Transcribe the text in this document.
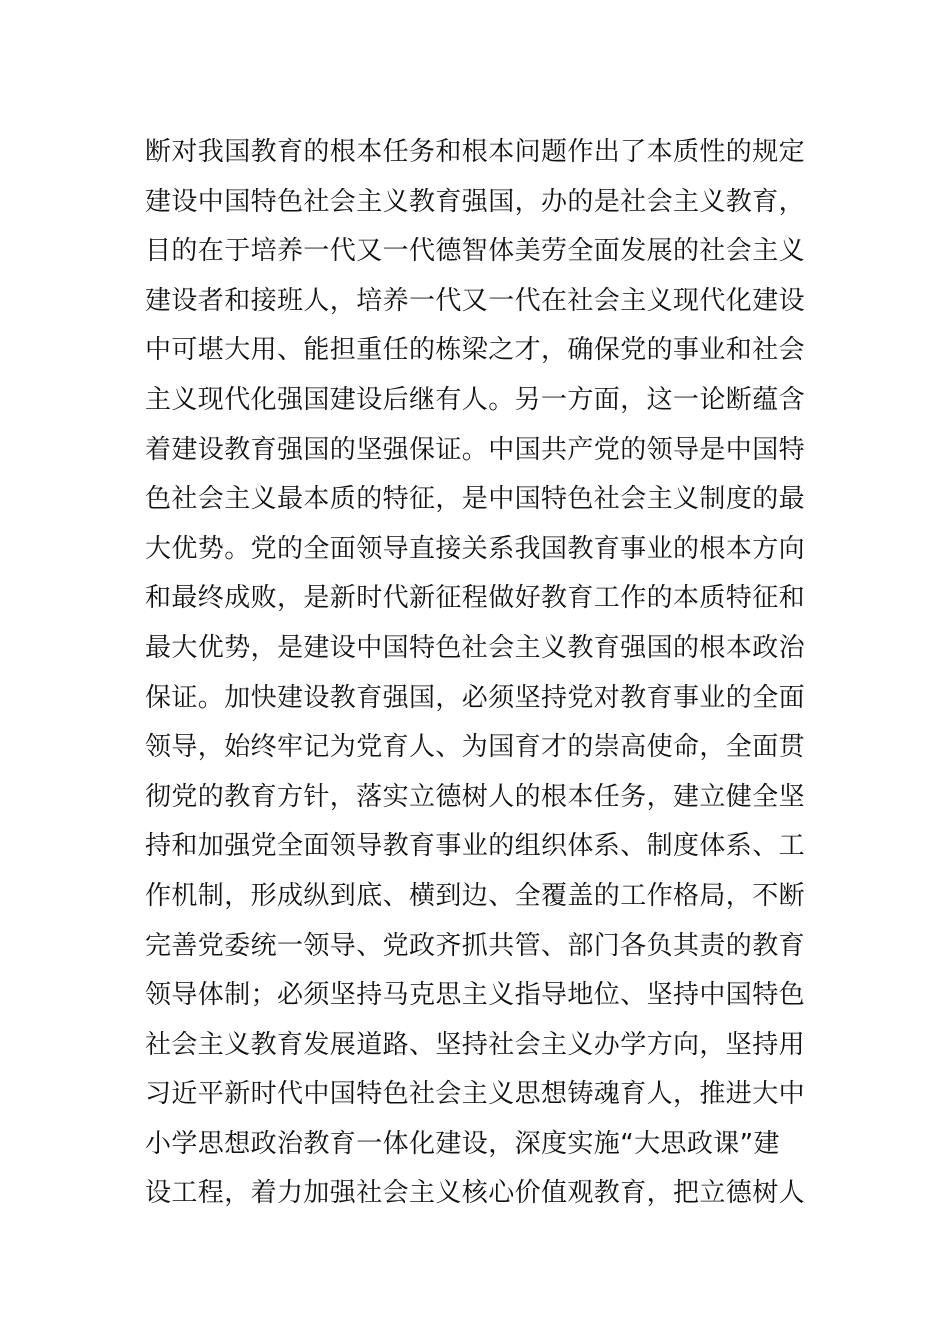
断对我国教育的根本任务和根本问题作出了本质性的规定
建设中国特色社会主义教育强国，办的是社会主义教育，
目的在于培养一代又一代德智体美劳全面发展的社会主义
建设者和接班人，培养一代又一代在社会主义现代化建设
中可堪大用、能担重任的栋梁之才，确保党的事业和社会
主义现代化强国建设后继有人。另一方面，这一论断蕴含
着建设教育强国的坚强保证。中国共产党的领导是中国特
色社会主义最本质的特征，是中国特色社会主义制度的最
大优势。党的全面领导直接关系我国教育事业的根本方向
和最终成败，是新时代新征程做好教育工作的本质特征和
最大优势，是建设中国特色社会主义教育强国的根本政治
保证。加快建设教育强国，必须坚持党对教育事业的全面
领导，始终牢记为党育人、为国育才的崇高使命，全面贯
彻党的教育方针，落实立德树人的根本任务，建立健全坚
持和加强党全面领导教育事业的组织体系、制度体系、工
作机制，形成纵到底、横到边、全覆盖的工作格局，不断
完善党委统一领导、党政齐抓共管、部门各负其责的教育
领导体制；必须坚持马克思主义指导地位、坚持中国特色
社会主义教育发展道路、坚持社会主义办学方向，坚持用
习近平新时代中国特色社会主义思想铸魂育人，推进大中
小学思想政治教育一体化建设，深度实施“大思政课”建
设工程，着力加强社会主义核心价值观教育，把立德树人
